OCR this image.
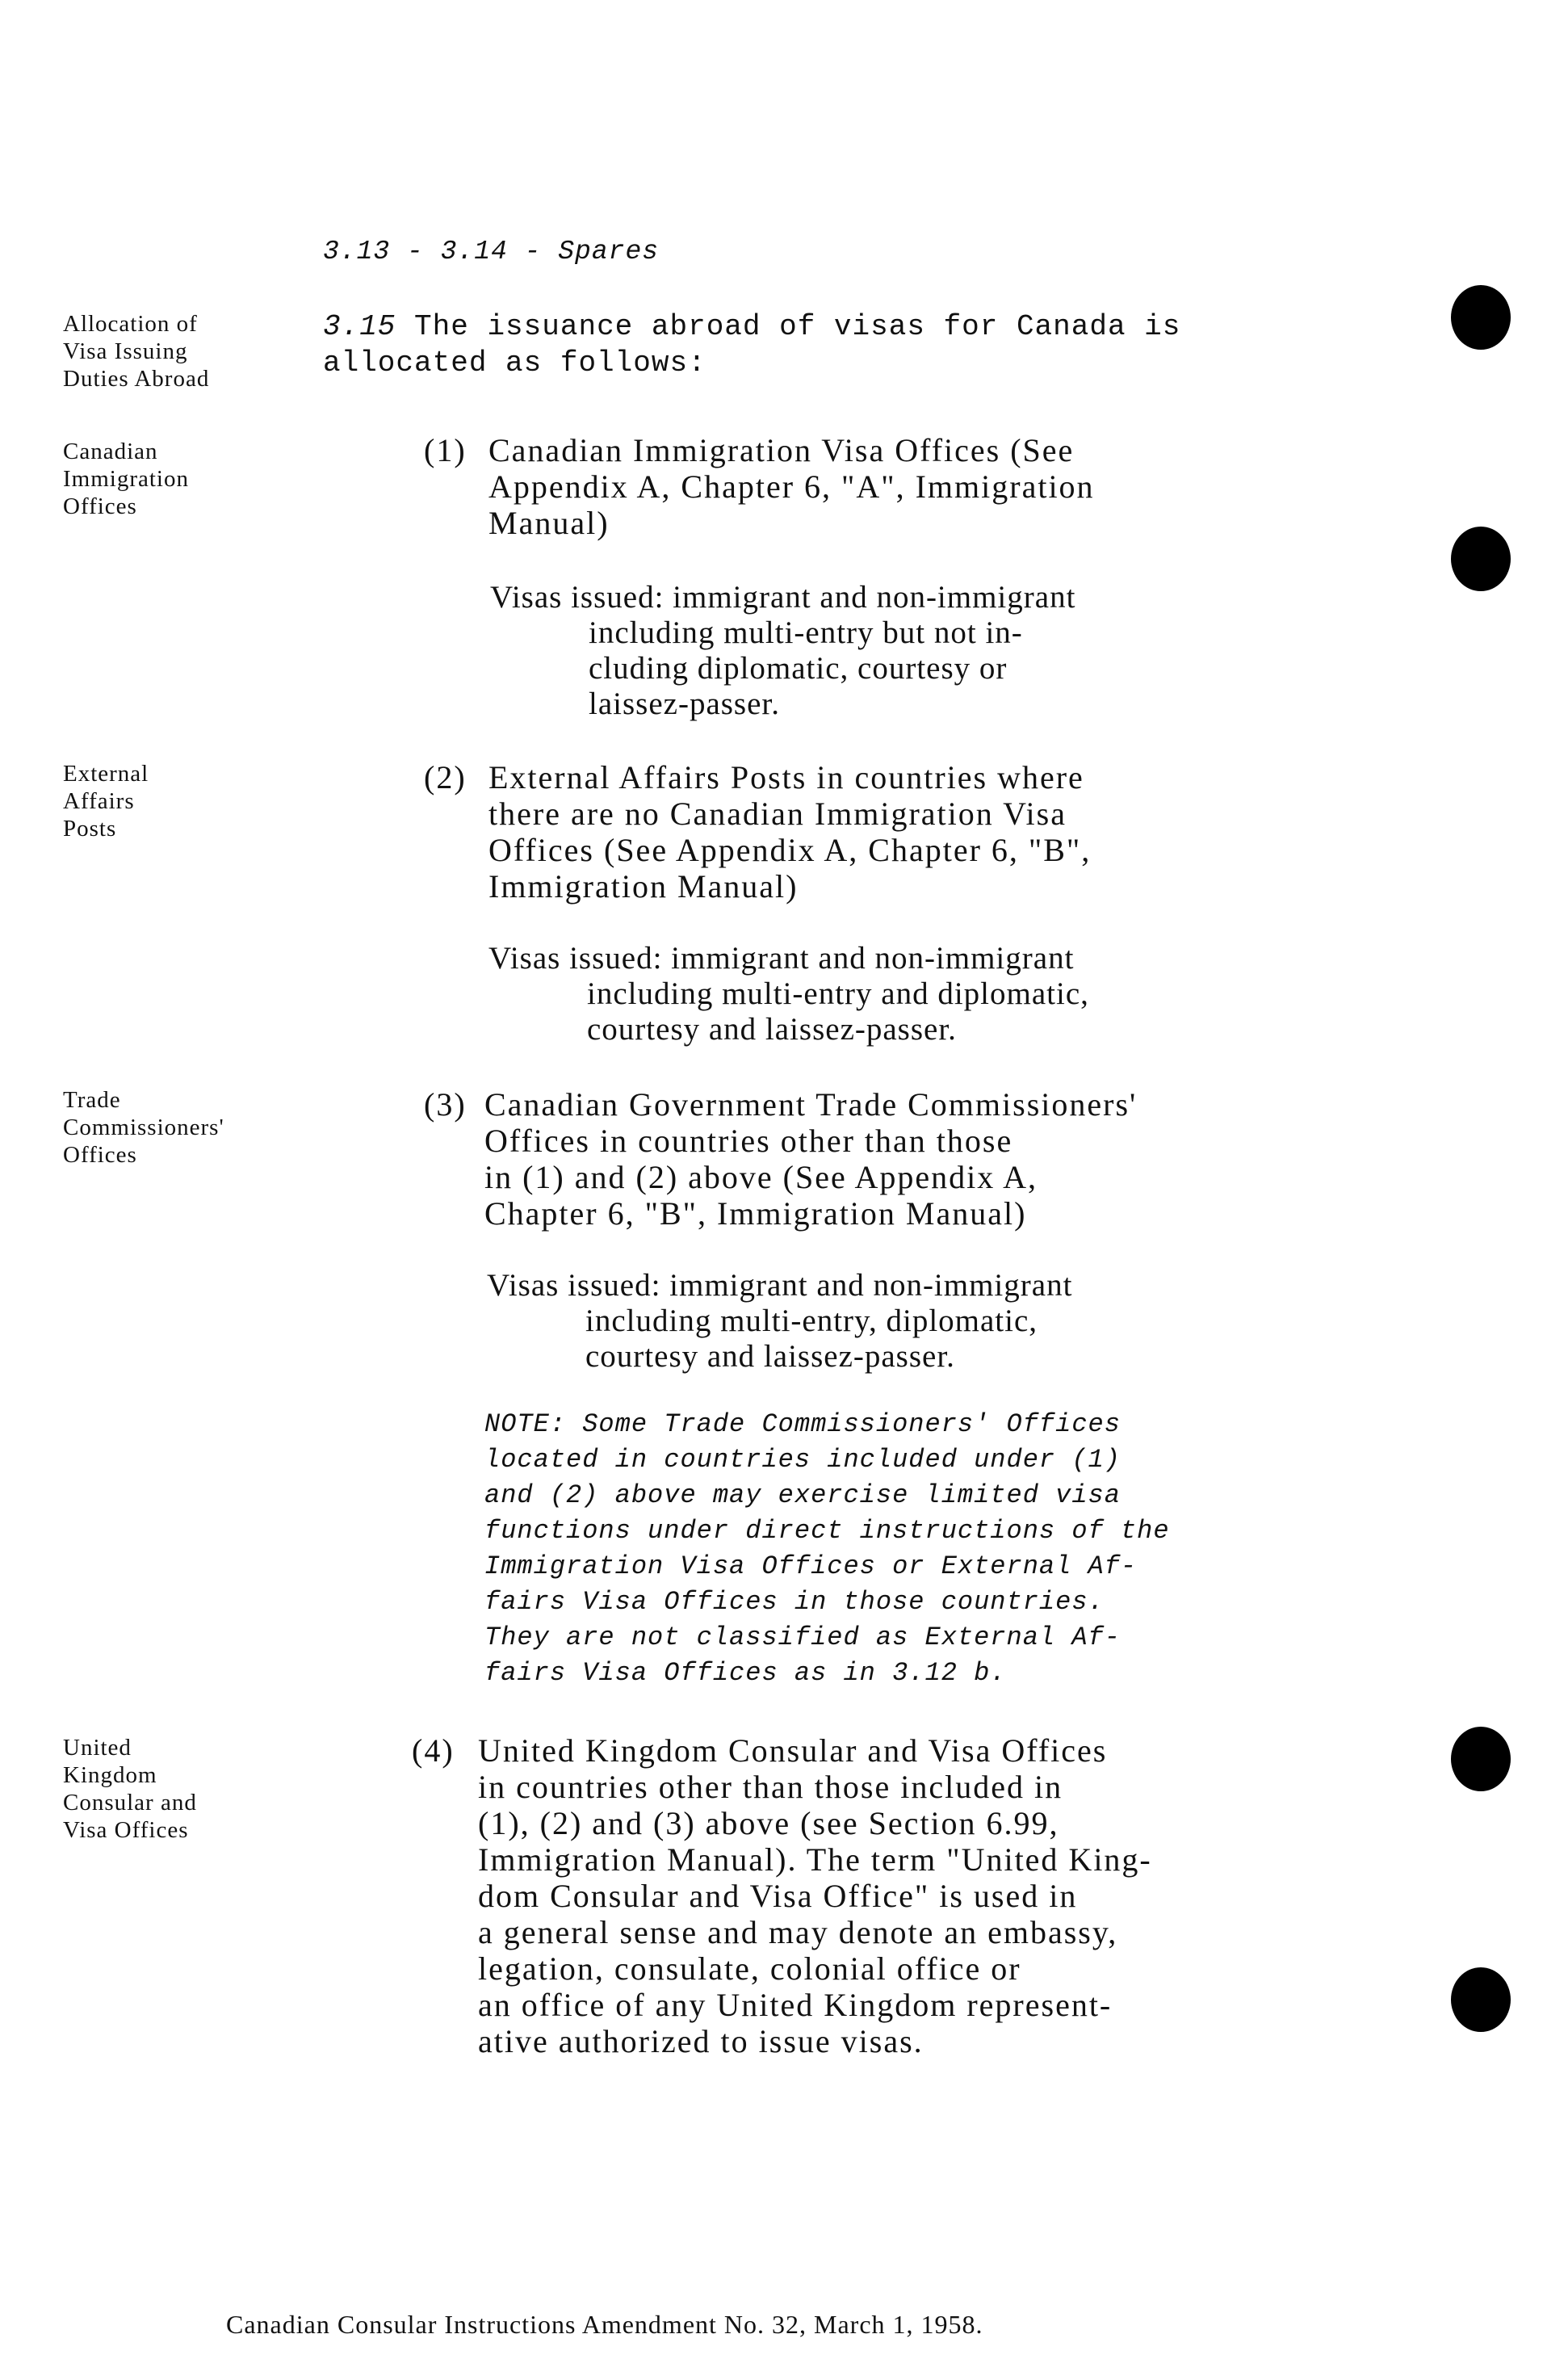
3.13 - 3.14 - Spares
Allocation of
Visa Issuing
Duties Abroad
Canadian
Immigration
Offices
External
Affairs
Posts
Trade
Commissioners'
Offices
United
Kingdom
Consular and
Visa Offices
3.15 The issuance abroad of visas for Canada is
allocated as follows:
(1) Canadian Immigration Visa Offices (See
Appendix A, Chapter 6, "A", Immigration
Manual)
Visas issued: immigrant and non-immigrant
including multi-entry but not in-
cluding diplomatic, courtesy or
laissez-passer.
(2) External Affairs Posts in countries where
there are no Canadian Immigration Visa
Offices (See Appendix A, Chapter 6, "B",
Immigration Manual)
Visas issued: immigrant and non-immigrant
including multi-entry and diplomatic,
courtesy and laissez-passer.
(3) Canadian Government Trade Commissioners'
Offices in countries other than those
in (1) and (2) above (See Appendix A,
Chapter 6, "B", Immigration Manual)
Visas issued: immigrant and non-immigrant
including multi-entry, diplomatic,
courtesy and laissez-passer.
NOTE: Some Trade Commissioners' Offices
located in countries included under (1)
and (2) above may exercise limited visa
functions under direct instructions of the
Immigration Visa Offices or External Af-
fairs Visa Offices in those countries.
They are not classified as External Af-
fairs Visa Offices as in 3.12 b.
(4) United Kingdom Consular and Visa Offices
in countries other than those included in
(1), (2) and (3) above (see Section 6.99,
Immigration Manual). The term "United King-
dom Consular and Visa Office" is used in
a general sense and may denote an embassy,
legation, consulate, colonial office or
an office of any United Kingdom represent-
ative authorized to issue visas.
Canadian Consular Instructions Amendment No. 32, March 1, 1958.
